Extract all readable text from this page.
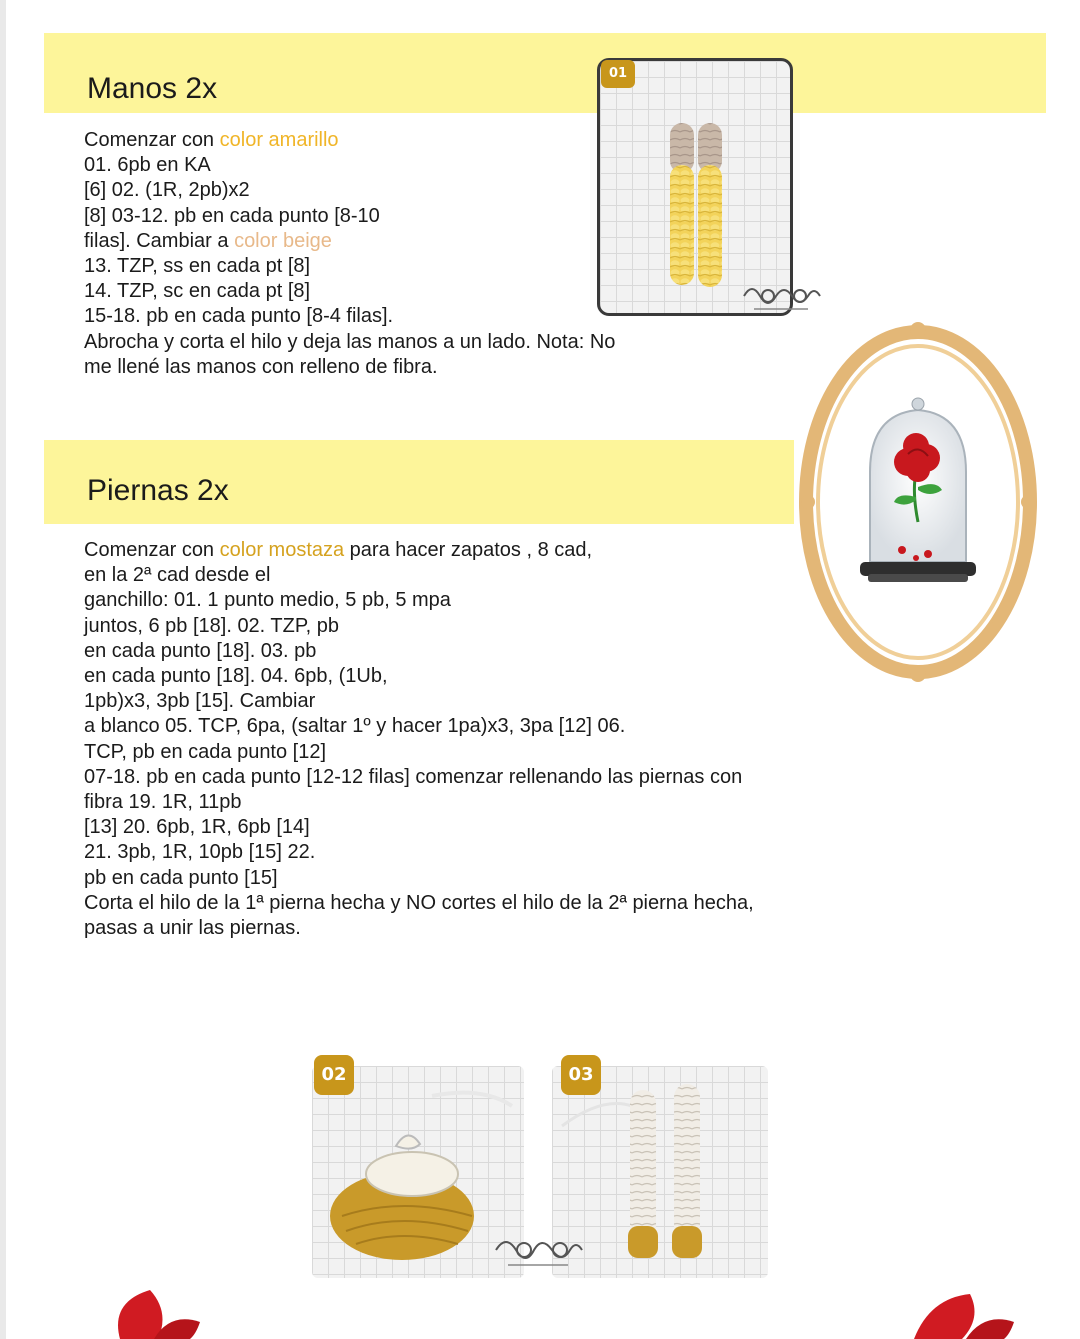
Manos 2x
Comenzar con color amarillo
01. 6pb en KA
[6] 02. (1R, 2pb)x2
[8] 03-12. pb en cada punto [8-10
filas]. Cambiar a color beige
13. TZP, ss en cada pt [8]
14. TZP, sc en cada pt [8]
15-18. pb en cada punto [8-4 filas].
Abrocha y corta el hilo y deja las manos a un lado. Nota: No
me llené las manos con relleno de fibra.
01
Piernas 2x
Comenzar con color mostaza para hacer zapatos , 8 cad,
en la 2ª cad desde el
ganchillo: 01. 1 punto medio, 5 pb, 5 mpa
juntos, 6 pb [18]. 02. TZP, pb
en cada punto [18]. 03. pb
en cada punto [18]. 04. 6pb, (1Ub,
1pb)x3, 3pb [15]. Cambiar
a blanco 05. TCP, 6pa, (saltar 1º y hacer 1pa)x3, 3pa [12] 06.
TCP, pb en cada punto [12]
07-18. pb en cada punto [12-12 filas] comenzar rellenando las piernas con
fibra 19. 1R, 11pb
[13] 20. 6pb, 1R, 6pb [14]
21. 3pb, 1R, 10pb [15] 22.
pb en cada punto [15]
Corta el hilo de la 1ª pierna hecha y NO cortes el hilo de la 2ª pierna hecha,
pasas a unir las piernas.
02	03
